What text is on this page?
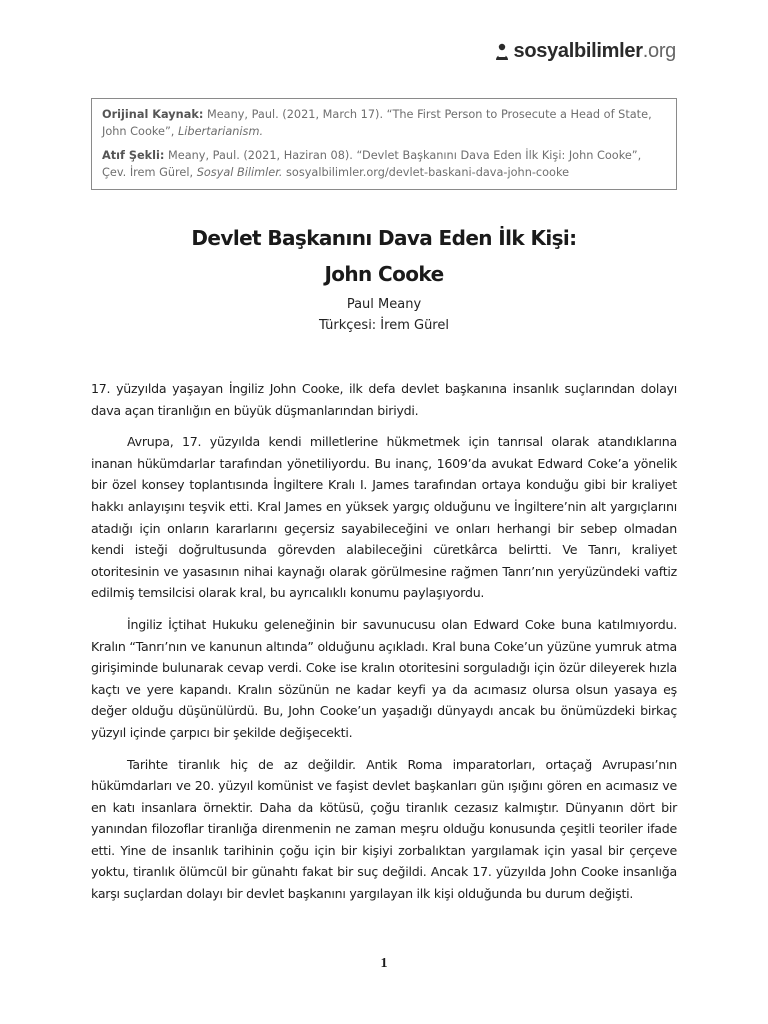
sosyalbilimler.org

Orijinal Kaynak: Meany, Paul. (2021, March 17). “The First Person to Prosecute a Head of State, John Cooke”, Libertarianism.

Atıf Şekli: Meany, Paul. (2021, Haziran 08). “Devlet Başkanını Dava Eden İlk Kişi: John Cooke”, Çev. İrem Gürel, Sosyal Bilimler. sosyalbilimler.org/devlet-baskani-dava-john-cooke

Devlet Başkanını Dava Eden İlk Kişi:
John Cooke
Paul Meany
Türkçesi: İrem Gürel

17. yüzyılda yaşayan İngiliz John Cooke, ilk defa devlet başkanına insanlık suçlarından dolayı dava açan tiranlığın en büyük düşmanlarından biriydi.

Avrupa, 17. yüzyılda kendi milletlerine hükmetmek için tanrısal olarak atandıklarına inanan hükümdarlar tarafından yönetiliyordu. Bu inanç, 1609’da avukat Edward Coke’a yönelik bir özel konsey toplantısında İngiltere Kralı I. James tarafından ortaya konduğu gibi bir kraliyet hakkı anlayışını teşvik etti. Kral James en yüksek yargıç olduğunu ve İngiltere’nin alt yargıçlarını atadığı için onların kararlarını geçersiz sayabileceğini ve onları herhangi bir sebep olmadan kendi isteği doğrultusunda görevden alabileceğini cüretkârca belirtti. Ve Tanrı, kraliyet otoritesinin ve yasasının nihai kaynağı olarak görülmesine rağmen Tanrı’nın yeryüzündeki vaftiz edilmiş temsilcisi olarak kral, bu ayrıcalıklı konumu paylaşıyordu.

İngiliz İçtihat Hukuku geleneğinin bir savunucusu olan Edward Coke buna katılmıyordu. Kralın “Tanrı’nın ve kanunun altında” olduğunu açıkladı. Kral buna Coke’un yüzüne yumruk atma girişiminde bulunarak cevap verdi. Coke ise kralın otoritesini sorguladığı için özür dileyerek hızla kaçtı ve yere kapandı. Kralın sözünün ne kadar keyfi ya da acımasız olursa olsun yasaya eş değer olduğu düşünülürdü. Bu, John Cooke’un yaşadığı dünyaydı ancak bu önümüzdeki birkaç yüzyıl içinde çarpıcı bir şekilde değişecekti.

Tarihte tiranlık hiç de az değildir. Antik Roma imparatorları, ortaçağ Avrupası’nın hükümdarları ve 20. yüzyıl komünist ve faşist devlet başkanları gün ışığını gören en acımasız ve en katı insanlara örnektir. Daha da kötüsü, çoğu tiranlık cezasız kalmıştır. Dünyanın dört bir yanından filozoflar tiranlığa direnmenin ne zaman meşru olduğu konusunda çeşitli teoriler ifade etti. Yine de insanlık tarihinin çoğu için bir kişiyi zorbalıktan yargılamak için yasal bir çerçeve yoktu, tiranlık ölümcül bir günahtı fakat bir suç değildi. Ancak 17. yüzyılda John Cooke insanlığa karşı suçlardan dolayı bir devlet başkanını yargılayan ilk kişi olduğunda bu durum değişti.

1
